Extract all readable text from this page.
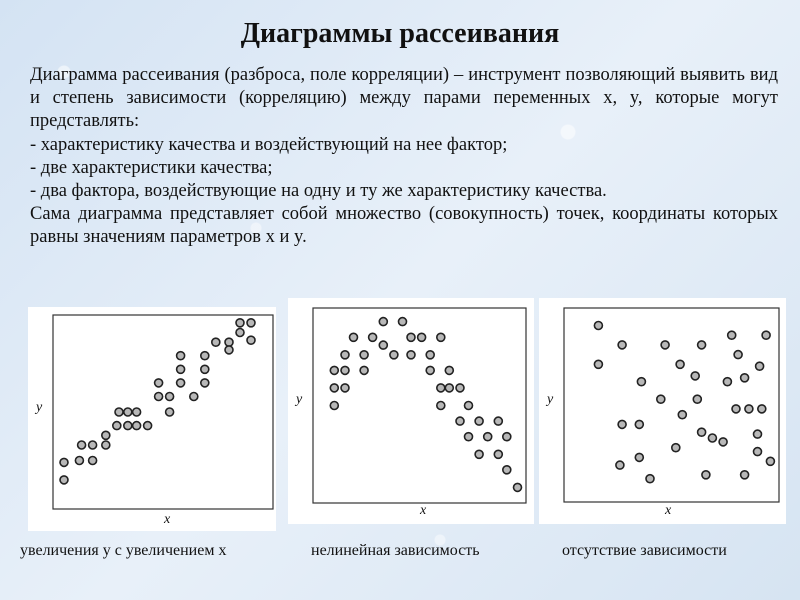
Диаграммы рассеивания

Диаграмма рассеивания (разброса, поле корреляции) – инструмент позволяющий выявить вид и степень зависимости (корреляцию) между парами переменных x, y, которые могут представлять:

- характеристику качества и воздействующий на нее фактор;

- две характеристики качества;

- два фактора, воздействующие на одну и ту же характеристику качества.

Сама диаграмма представляет собой множество (совокупность) точек, координаты которых равны значениям параметров x и y.

y
x
y
x
y
x
увеличения y с увеличением x	нелинейная зависимость	отсутствие зависимости
